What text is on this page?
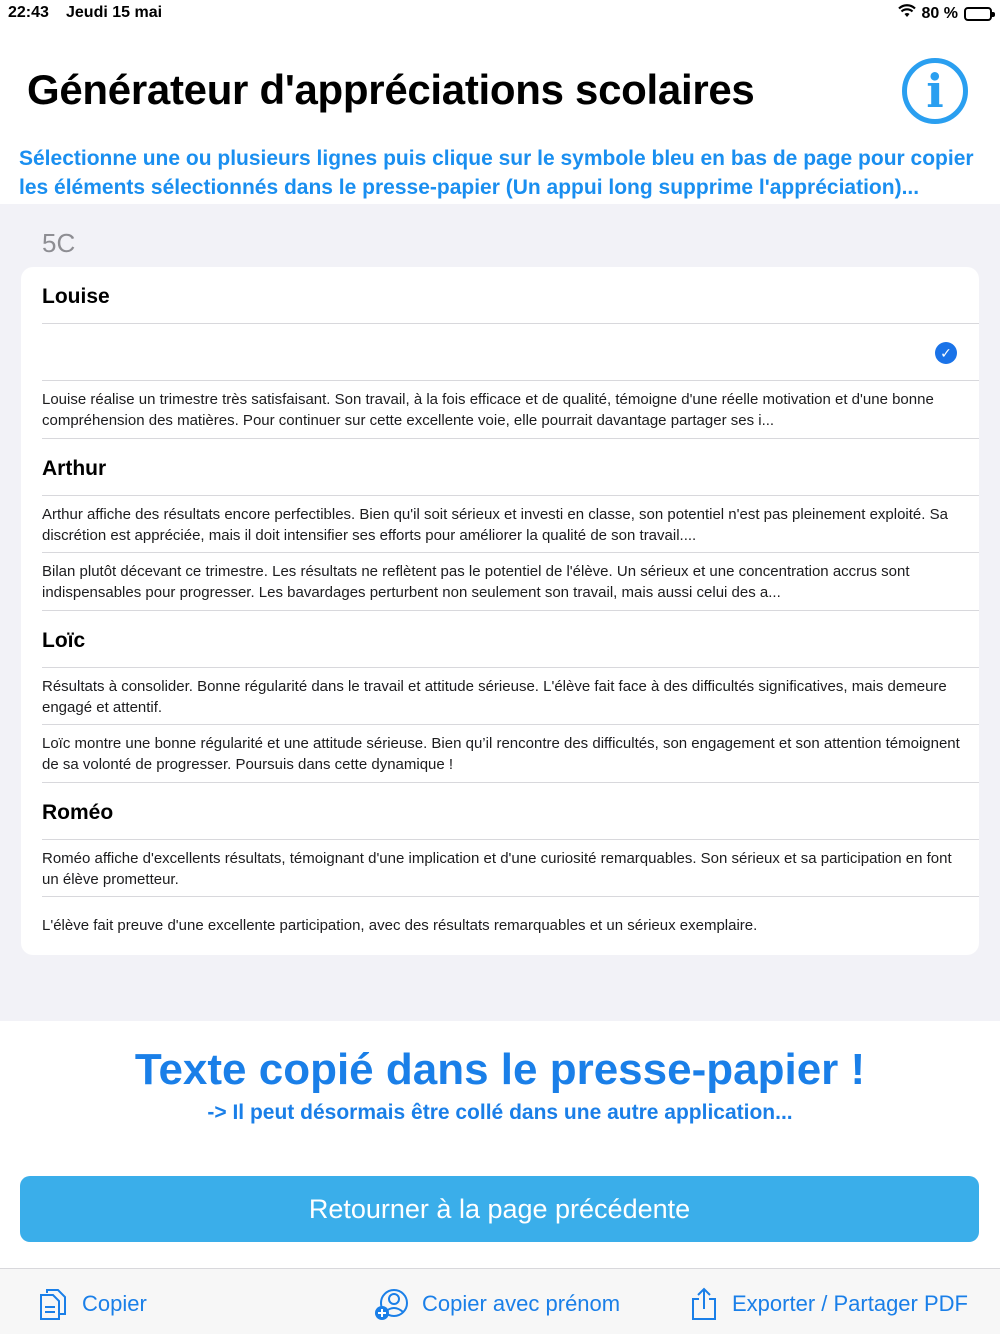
22:43 Jeudi 15 mai	80 %
Générateur d'appréciations scolaires	i

Sélectionne une ou plusieurs lignes puis clique sur le symbole bleu en bas de page pour copier les éléments sélectionnés dans le presse-papier (Un appui long supprime l'appréciation)...

5C
Louise
✓
Louise réalise un trimestre très satisfaisant. Son travail, à la fois efficace et de qualité, témoigne d'une réelle motivation et d'une bonne compréhension des matières. Pour continuer sur cette excellente voie, elle pourrait davantage partager ses i...
Arthur
Arthur affiche des résultats encore perfectibles. Bien qu'il soit sérieux et investi en classe, son potentiel n'est pas pleinement exploité. Sa discrétion est appréciée, mais il doit intensifier ses efforts pour améliorer la qualité de son travail....
Bilan plutôt décevant ce trimestre. Les résultats ne reflètent pas le potentiel de l'élève. Un sérieux et une concentration accrus sont indispensables pour progresser. Les bavardages perturbent non seulement son travail, mais aussi celui des a...
Loïc
Résultats à consolider. Bonne régularité dans le travail et attitude sérieuse. L'élève fait face à des difficultés significatives, mais demeure engagé et attentif.
Loïc montre une bonne régularité et une attitude sérieuse. Bien qu’il rencontre des difficultés, son engagement et son attention témoignent de sa volonté de progresser. Poursuis dans cette dynamique !
Roméo
Roméo affiche d'excellents résultats, témoignant d'une implication et d'une curiosité remarquables. Son sérieux et sa participation en font un élève prometteur.
L'élève fait preuve d'une excellente participation, avec des résultats remarquables et un sérieux exemplaire.
Texte copié dans le presse-papier !
-> Il peut désormais être collé dans une autre application...
Retourner à la page précédente
Copier	Copier avec prénom	Exporter / Partager PDF
